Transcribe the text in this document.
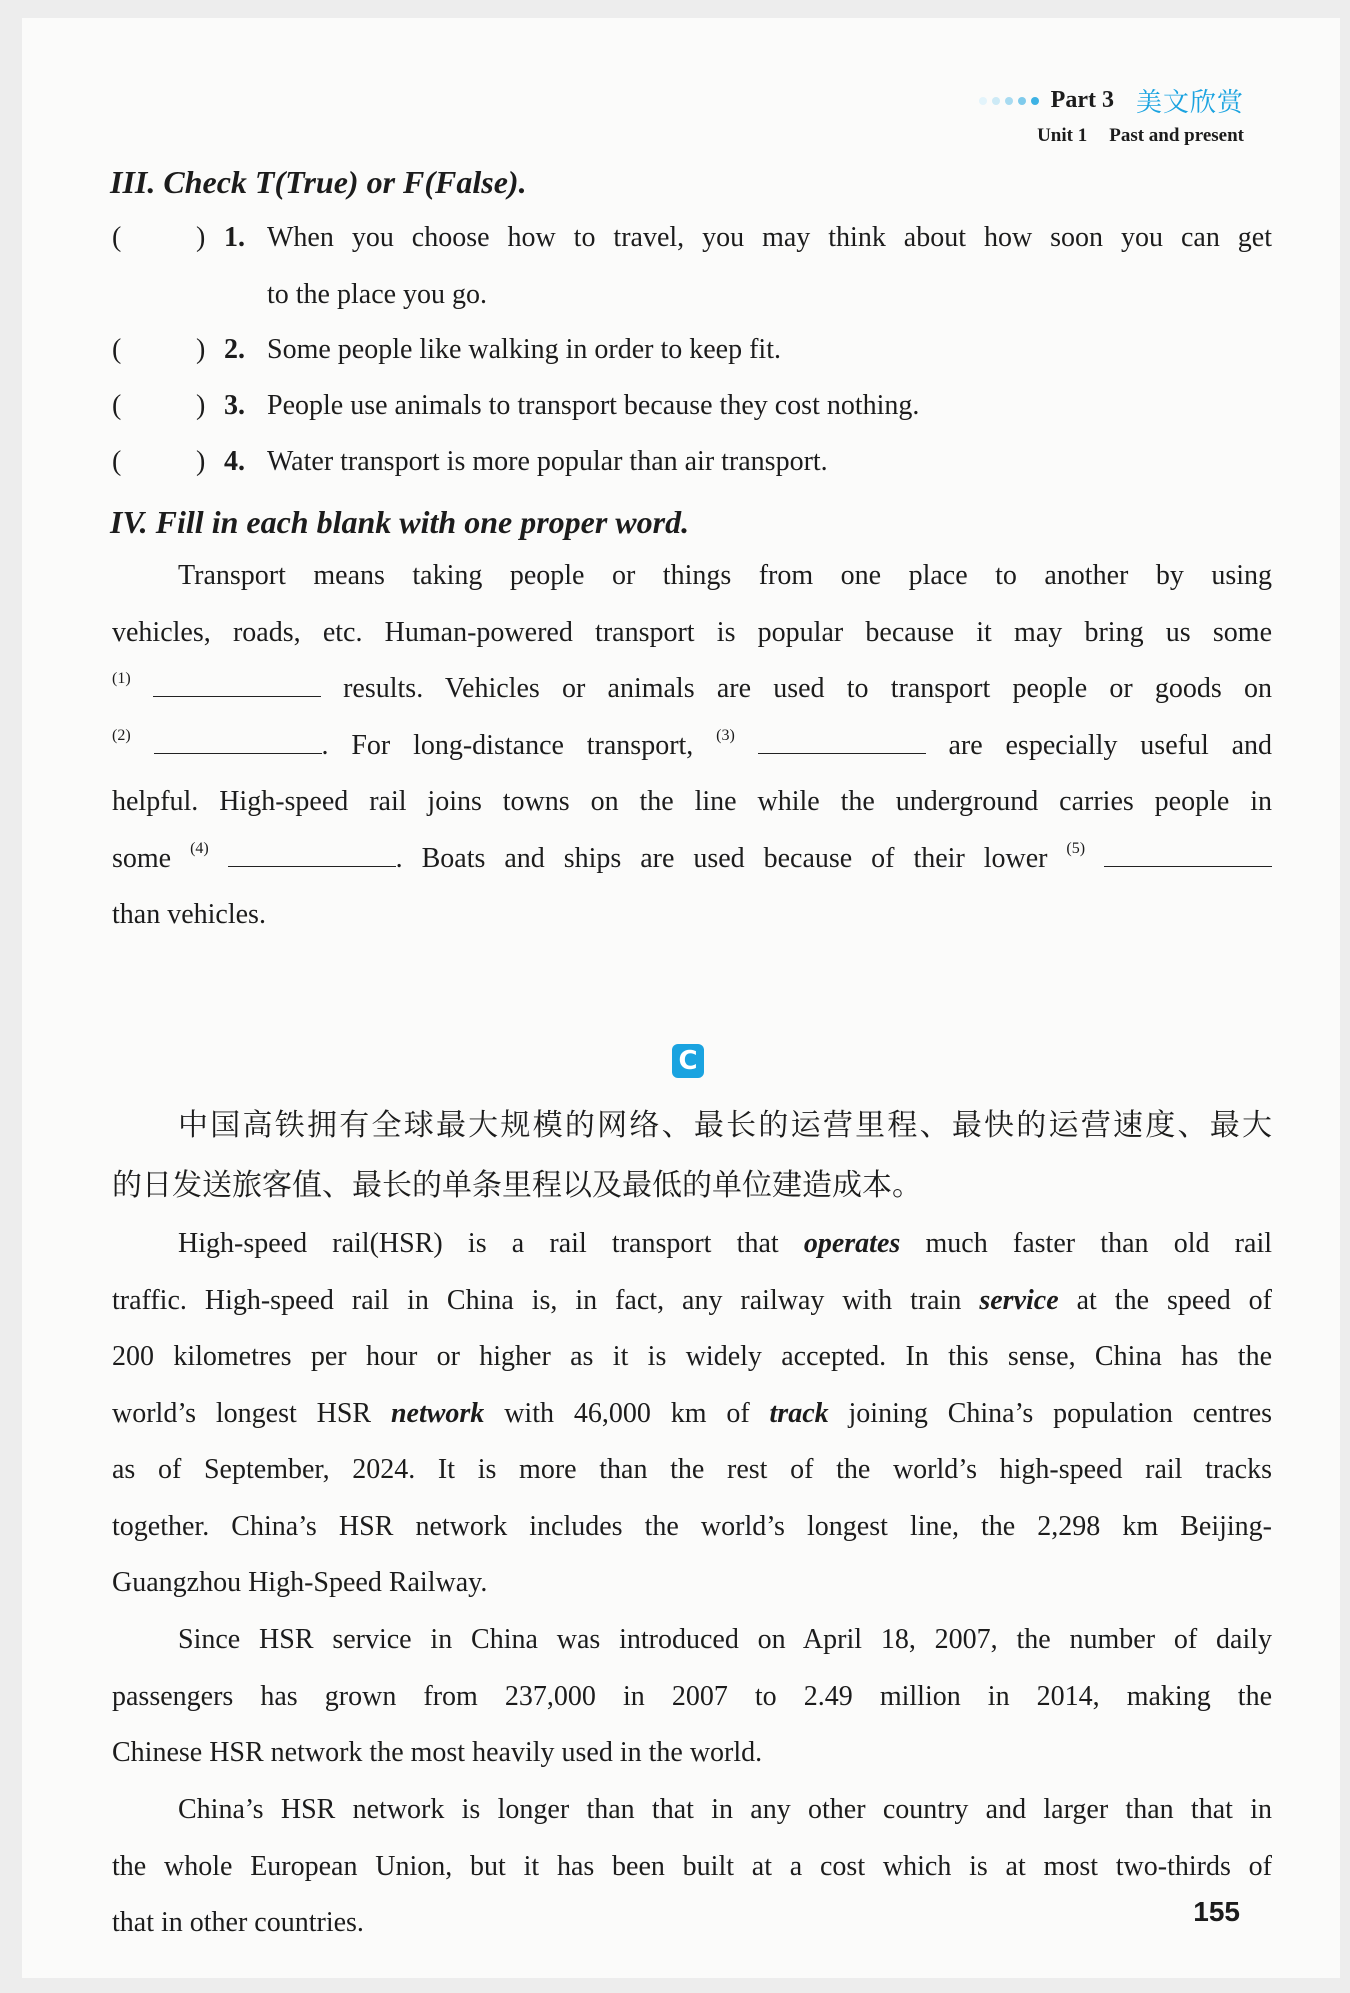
Part 3 美文欣赏
Unit 1 Past and present
III. Check T(True) or F(False).
(	) 1. When you choose how to travel, you may think about how soon you can get
to the place you go.
(	) 2. Some people like walking in order to keep fit.
(	) 3. People use animals to transport because they cost nothing.
(	) 4. Water transport is more popular than air transport.
IV. Fill in each blank with one proper word.
Transport means taking people or things from one place to another by using
vehicles, roads, etc. Human-powered transport is popular because it may bring us some
$^{(1)}$	results. Vehicles or animals are used to transport people or goods on
$^{(2)}$	. For long-distance transport, $^{(3)}$	are especially useful and
helpful. High-speed rail joins towns on the line while the underground carries people in
some $^{(4)}$	. Boats and ships are used because of their lower $^{(5)}$
than vehicles.
C
中国高铁拥有全球最大规模的网络、最长的运营里程、最快的运营速度、最大
的日发送旅客值、最长的单条里程以及最低的单位建造成本。
High-speed rail(HSR) is a rail transport that operates much faster than old rail
traffic. High-speed rail in China is, in fact, any railway with train service at the speed of
200 kilometres per hour or higher as it is widely accepted. In this sense, China has the
world’s longest HSR network with 46,000 km of track joining China’s population centres
as of September, 2024. It is more than the rest of the world’s high-speed rail tracks
together. China’s HSR network includes the world’s longest line, the 2,298 km Beijing-
Guangzhou High-Speed Railway.
Since HSR service in China was introduced on April 18, 2007, the number of daily
passengers has grown from 237,000 in 2007 to 2.49 million in 2014, making the
Chinese HSR network the most heavily used in the world.
China’s HSR network is longer than that in any other country and larger than that in
the whole European Union, but it has been built at a cost which is at most two-thirds of
that in other countries.	155
